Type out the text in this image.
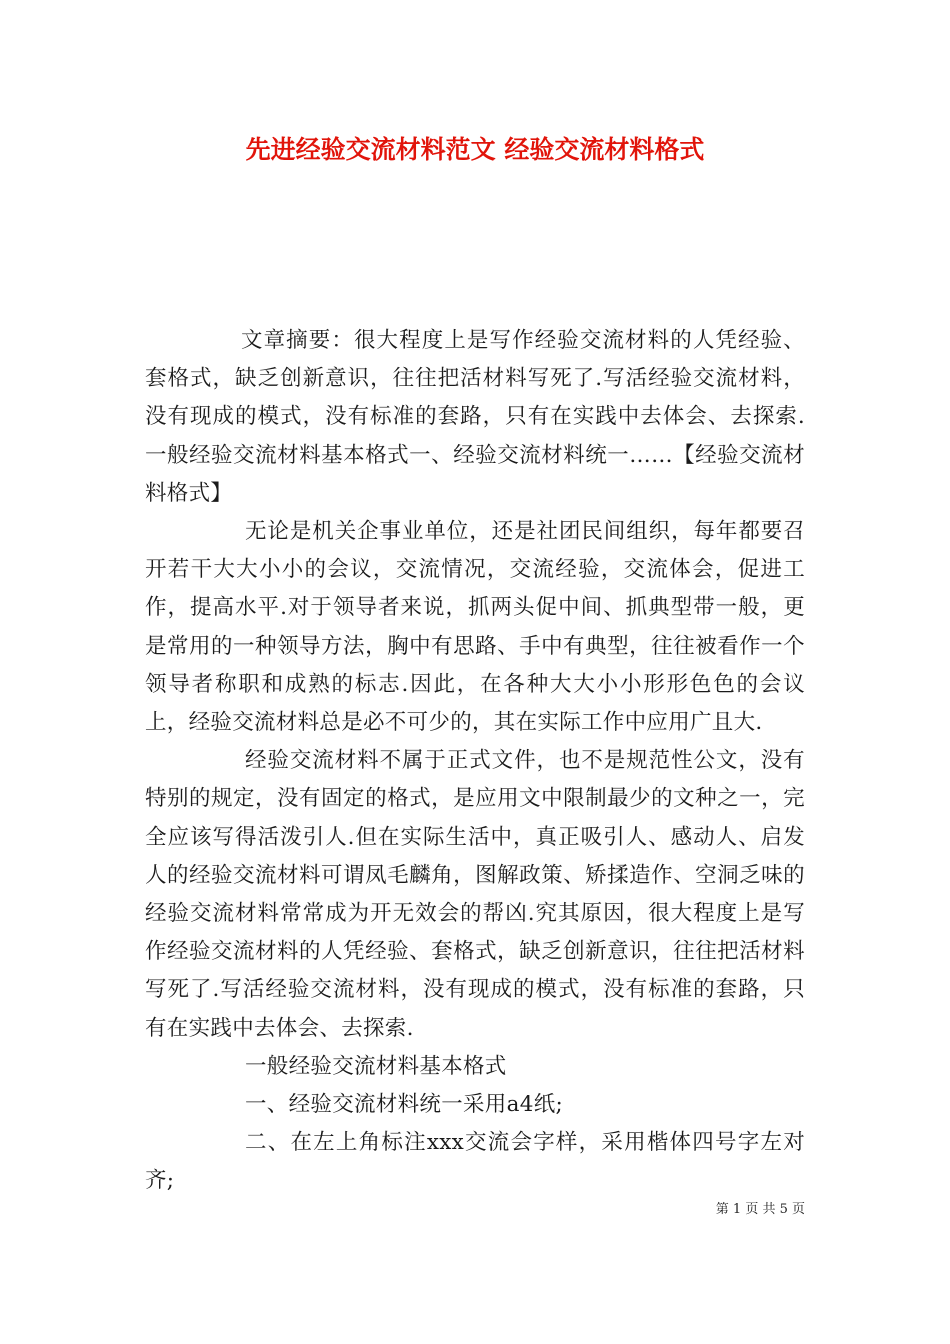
先进经验交流材料范文 经验交流材料格式

文章摘要：很大程度上是写作经验交流材料的人凭经验、套格式，缺乏创新意识，往往把活材料写死了.写活经验交流材料，没有现成的模式，没有标准的套路，只有在实践中去体会、去探索.一般经验交流材料基本格式一、经验交流材料统一……【经验交流材料格式】

无论是机关企事业单位，还是社团民间组织，每年都要召开若干大大小小的会议，交流情况，交流经验，交流体会，促进工作，提高水平.对于领导者来说，抓两头促中间、抓典型带一般，更是常用的一种领导方法，胸中有思路、手中有典型，往往被看作一个领导者称职和成熟的标志.因此，在各种大大小小形形色色的会议上，经验交流材料总是必不可少的，其在实际工作中应用广且大.

经验交流材料不属于正式文件，也不是规范性公文，没有特别的规定，没有固定的格式，是应用文中限制最少的文种之一，完全应该写得活泼引人.但在实际生活中，真正吸引人、感动人、启发人的经验交流材料可谓凤毛麟角，图解政策、矫揉造作、空洞乏味的经验交流材料常常成为开无效会的帮凶.究其原因，很大程度上是写作经验交流材料的人凭经验、套格式，缺乏创新意识，往往把活材料写死了.写活经验交流材料，没有现成的模式，没有标准的套路，只有在实践中去体会、去探索.

一般经验交流材料基本格式

一、经验交流材料统一采用a4纸;

二、在左上角标注xxx交流会字样，采用楷体四号字左对齐;

第 1 页 共 5 页
